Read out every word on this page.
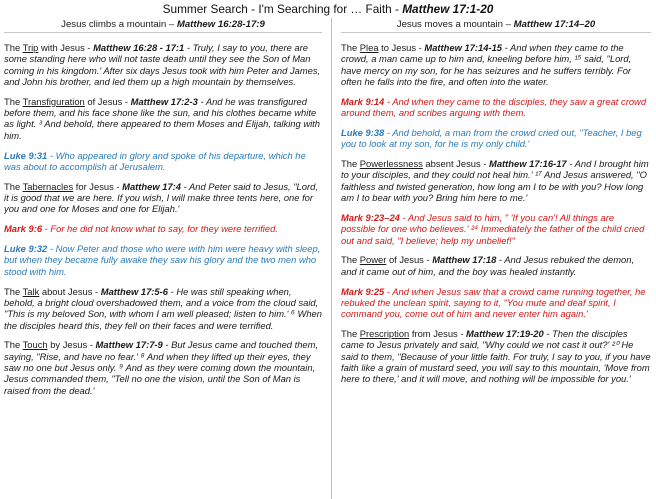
Summer Search - I'm Searching for … Faith - Matthew 17:1-20
Jesus climbs a mountain – Matthew 16:28-17:9
The Trip with Jesus - Matthew 16:28 - 17:1 - Truly, I say to you, there are some standing here who will not taste death until they see the Son of Man coming in his kingdom.' After six days Jesus took with him Peter and James, and John his brother, and led them up a high mountain by themselves.
The Transfiguration of Jesus - Matthew 17:2-3 - And he was transfigured before them, and his face shone like the sun, and his clothes became white as light. ³ And behold, there appeared to them Moses and Elijah, talking with him.
Luke 9:31 - Who appeared in glory and spoke of his departure, which he was about to accomplish at Jerusalem.
The Tabernacles for Jesus - Matthew 17:4 - And Peter said to Jesus, "Lord, it is good that we are here. If you wish, I will make three tents here, one for you and one for Moses and one for Elijah.'
Mark 9:6 - For he did not know what to say, for they were terrified.
Luke 9:32 - Now Peter and those who were with him were heavy with sleep, but when they became fully awake they saw his glory and the two men who stood with him.
The Talk about Jesus - Matthew 17:5-6 - He was still speaking when, behold, a bright cloud overshadowed them, and a voice from the cloud said, "This is my beloved Son, with whom I am well pleased; listen to him.' ⁶ When the disciples heard this, they fell on their faces and were terrified.
The Touch by Jesus - Matthew 17:7-9 - But Jesus came and touched them, saying, "Rise, and have no fear.' ⁸ And when they lifted up their eyes, they saw no one but Jesus only. ⁹ And as they were coming down the mountain, Jesus commanded them, "Tell no one the vision, until the Son of Man is raised from the dead.'
Jesus moves a mountain – Matthew 17:14–20
The Plea to Jesus - Matthew 17:14-15 - And when they came to the crowd, a man came up to him and, kneeling before him, ¹⁵ said, "Lord, have mercy on my son, for he has seizures and he suffers terribly. For often he falls into the fire, and often into the water.
Mark 9:14 - And when they came to the disciples, they saw a great crowd around them, and scribes arguing with them.
Luke 9:38 - And behold, a man from the crowd cried out, "Teacher, I beg you to look at my son, for he is my only child.'
The Powerlessness absent Jesus - Matthew 17:16-17 - And I brought him to your disciples, and they could not heal him.' ¹⁷ And Jesus answered, "O faithless and twisted generation, how long am I to be with you? How long am I to bear with you? Bring him here to me.'
Mark 9:23–24 - And Jesus said to him, " 'If you can'! All things are possible for one who believes.' ²⁴ Immediately the father of the child cried out and said, "I believe; help my unbelief!"
The Power of Jesus - Matthew 17:18 - And Jesus rebuked the demon, and it came out of him, and the boy was healed instantly.
Mark 9:25 - And when Jesus saw that a crowd came running together, he rebuked the unclean spirit, saying to it, "You mute and deaf spirit, I command you, come out of him and never enter him again.'
The Prescription from Jesus - Matthew 17:19-20 - Then the disciples came to Jesus privately and said, "Why could we not cast it out?' ²⁰ He said to them, "Because of your little faith. For truly, I say to you, if you have faith like a grain of mustard seed, you will say to this mountain, 'Move from here to there,' and it will move, and nothing will be impossible for you.'
